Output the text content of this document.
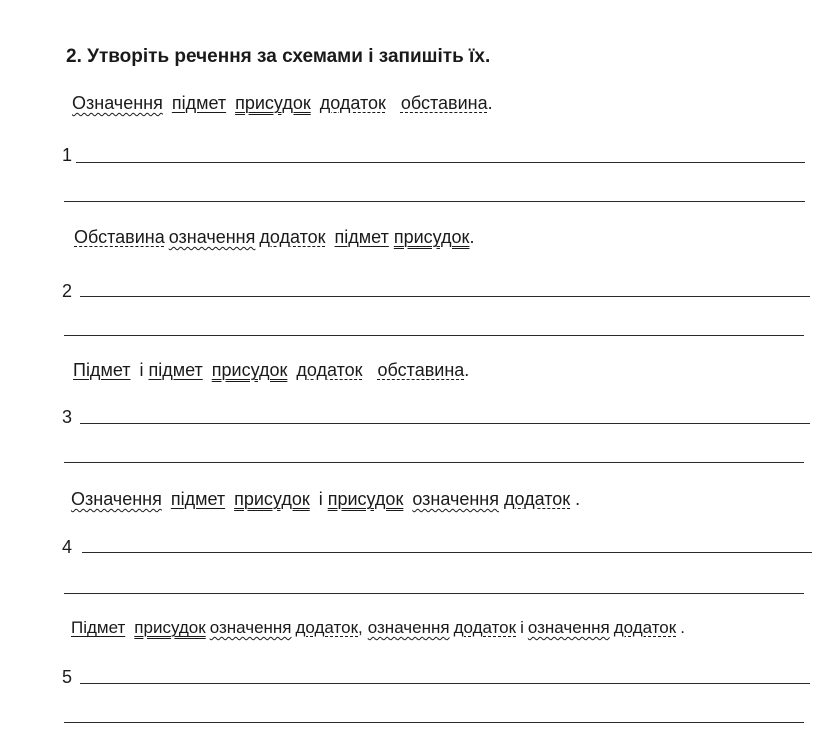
2. Утворіть речення за схемами і запишіть їх.
Означення підмет присудок додаток обставина.
1
Обставина означення додаток підмет присудок.
2
Підмет і підмет присудок додаток обставина.
3
Означення підмет присудок і присудок означення додаток .
4
Підмет присудок означення додаток, означення додаток і означення додаток .
5
